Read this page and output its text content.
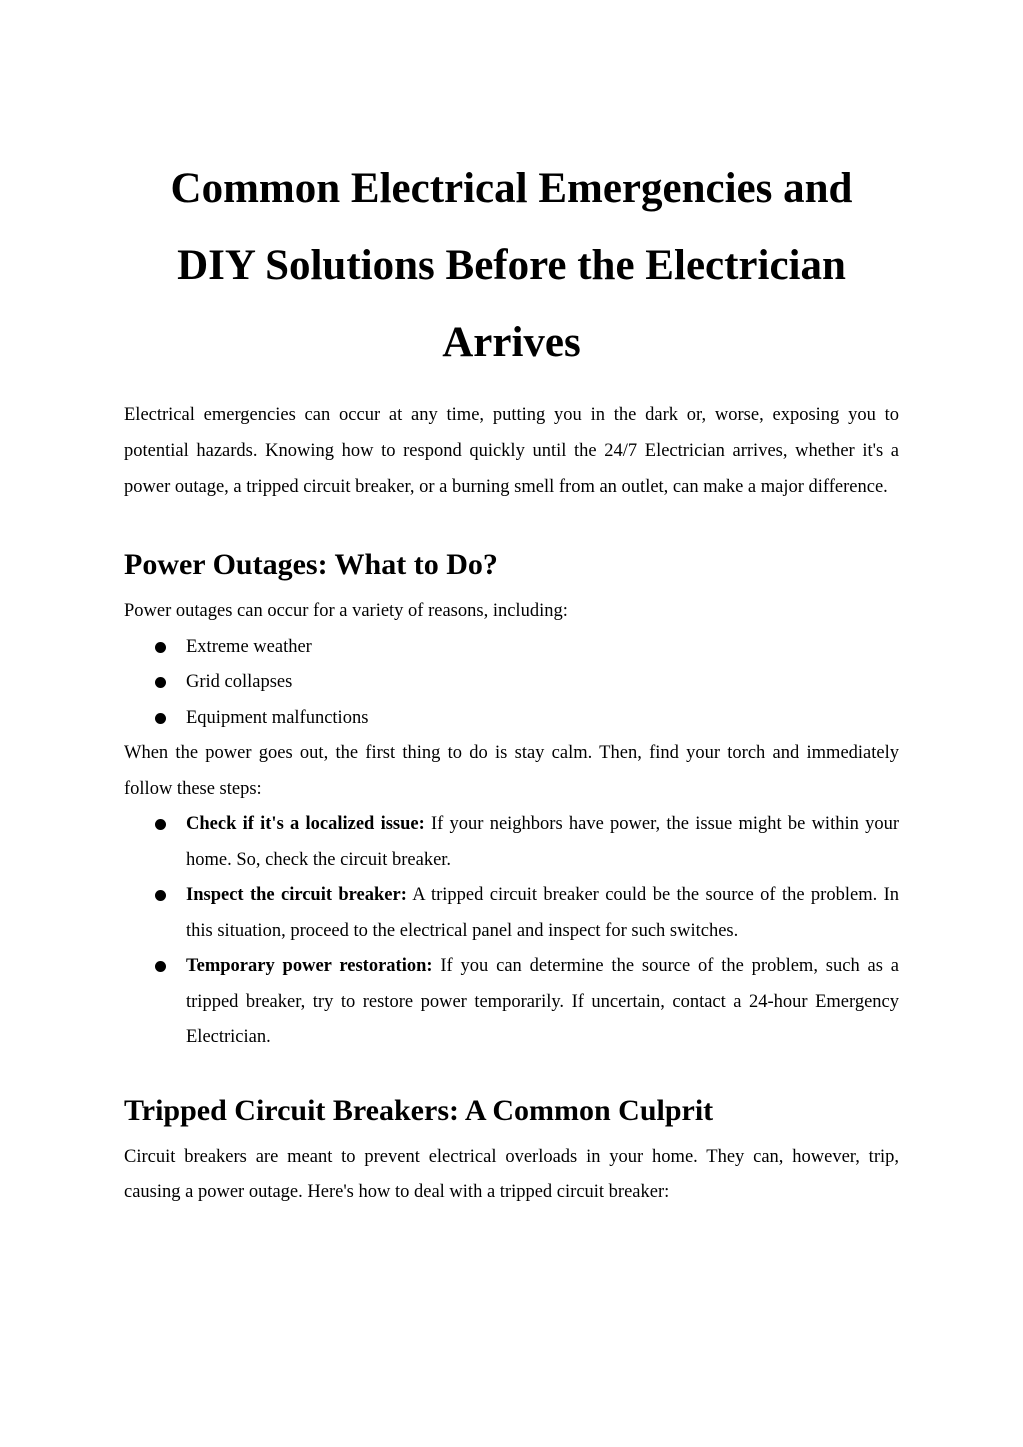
Common Electrical Emergencies and
DIY Solutions Before the Electrician
Arrives

Electrical emergencies can occur at any time, putting you in the dark or, worse, exposing you to potential hazards. Knowing how to respond quickly until the 24/7 Electrician arrives, whether it's a power outage, a tripped circuit breaker, or a burning smell from an outlet, can make a major difference.

Power Outages: What to Do?

Power outages can occur for a variety of reasons, including:

Extreme weather
Grid collapses
Equipment malfunctions

When the power goes out, the first thing to do is stay calm. Then, find your torch and immediately follow these steps:

Check if it's a localized issue: If your neighbors have power, the issue might be within your home. So, check the circuit breaker.
Inspect the circuit breaker: A tripped circuit breaker could be the source of the problem. In this situation, proceed to the electrical panel and inspect for such switches.
Temporary power restoration: If you can determine the source of the problem, such as a tripped breaker, try to restore power temporarily. If uncertain, contact a 24-hour Emergency Electrician.
Tripped Circuit Breakers: A Common Culprit

Circuit breakers are meant to prevent electrical overloads in your home. They can, however, trip, causing a power outage. Here's how to deal with a tripped circuit breaker:
